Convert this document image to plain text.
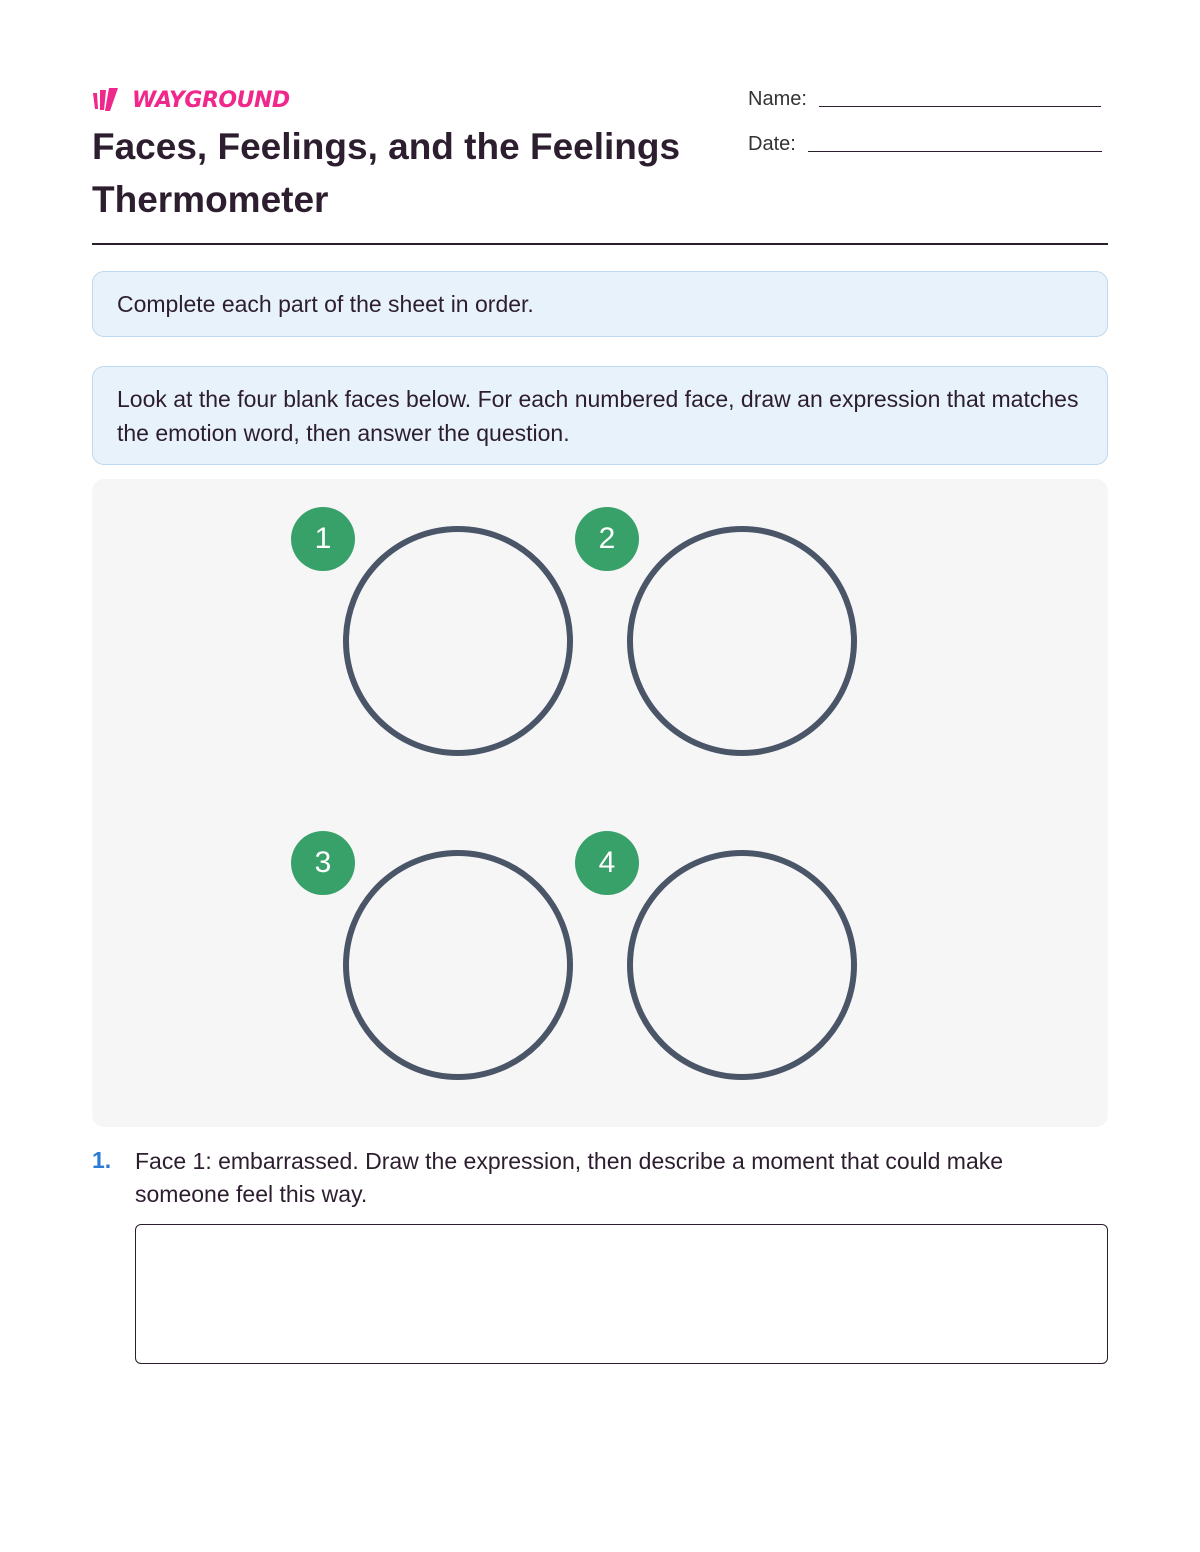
WAYGROUND
Faces, Feelings, and the Feelings Thermometer
Name:
Date:
Complete each part of the sheet in order.
Look at the four blank faces below. For each numbered face, draw an expression that matches the emotion word, then answer the question.
1	2
3	4
1. Face 1: embarrassed. Draw the expression, then describe a moment that could make someone feel this way.
